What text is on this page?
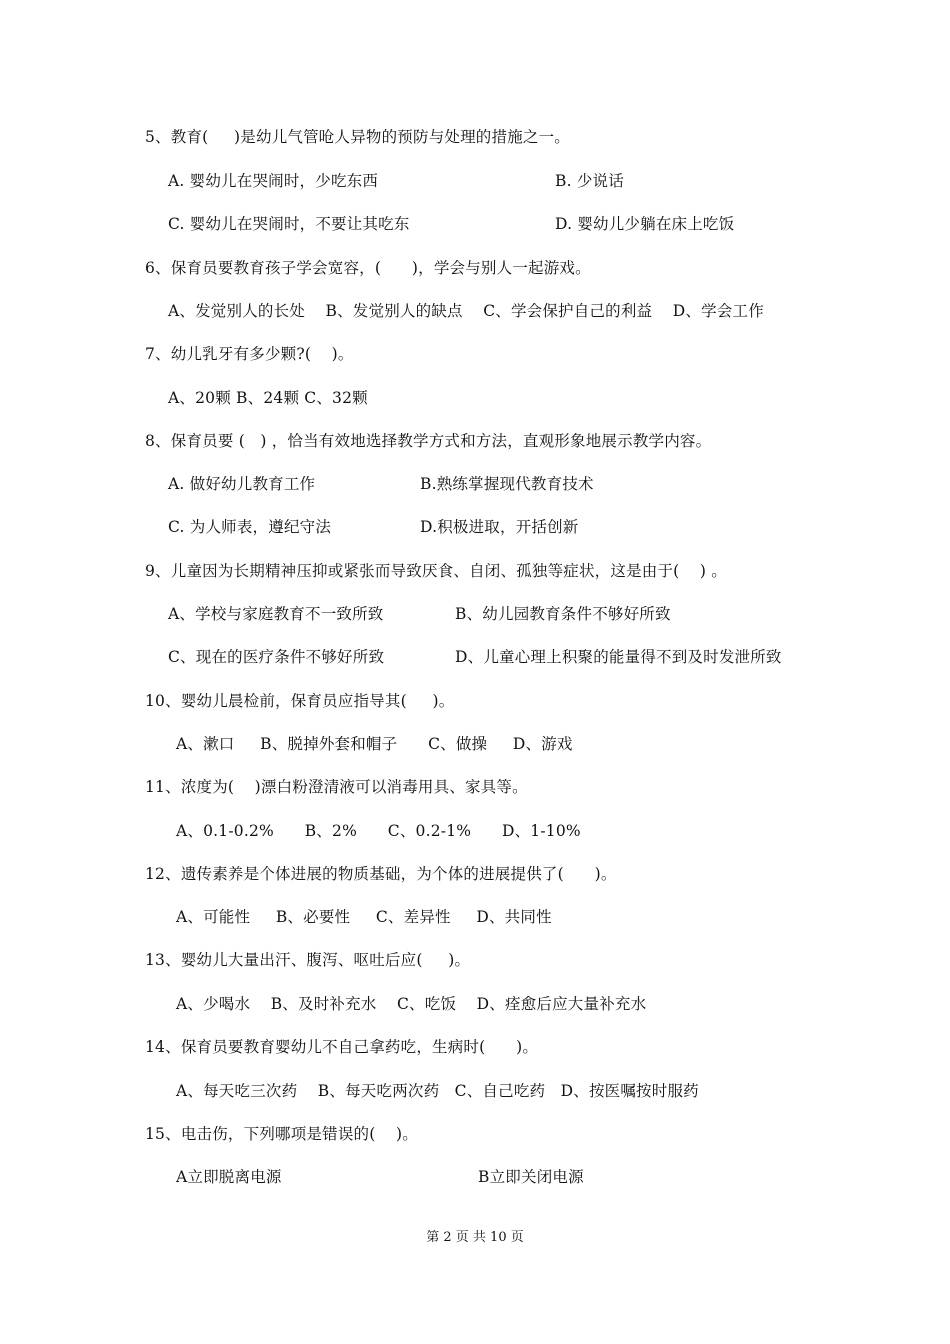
5、教育(     )是幼儿气管呛人异物的预防与处理的措施之一。
A. 婴幼儿在哭闹时，少吃东西	B. 少说话
C. 婴幼儿在哭闹时，不要让其吃东	D. 婴幼儿少躺在床上吃饭
6、保育员要教育孩子学会宽容，(      )，学会与别人一起游戏。
A、发觉别人的长处    B、发觉别人的缺点    C、学会保护自己的利益    D、学会工作
7、幼儿乳牙有多少颗?(    )。
A、20颗 B、24颗 C、32颗
8、保育员要 (   ) ，恰当有效地选择教学方式和方法，直观形象地展示教学内容。
A. 做好幼儿教育工作	B.熟练掌握现代教育技术
C. 为人师表，遵纪守法	D.积极进取，开括创新
9、儿童因为长期精神压抑或紧张而导致厌食、自闭、孤独等症状，这是由于(    ) 。
A、学校与家庭教育不一致所致	B、幼儿园教育条件不够好所致
C、现在的医疗条件不够好所致	D、儿童心理上积聚的能量得不到及时发泄所致
10、婴幼儿晨检前，保育员应指导其(     )。
A、漱口     B、脱掉外套和帽子      C、做操     D、游戏
11、浓度为(    )漂白粉澄清液可以消毒用具、家具等。
A、0.1-0.2%      B、2%      C、0.2-1%      D、1-10%
12、遗传素养是个体进展的物质基础，为个体的进展提供了(      )。
A、可能性     B、必要性     C、差异性     D、共同性
13、婴幼儿大量出汗、腹泻、呕吐后应(     )。
A、少喝水    B、及时补充水    C、吃饭    D、痊愈后应大量补充水
14、保育员要教育婴幼儿不自己拿药吃，生病时(      )。
A、每天吃三次药    B、每天吃两次药   C、自己吃药   D、按医嘱按时服药
15、电击伤，下列哪项是错误的(    )。
A立即脱离电源	B立即关闭电源
第 2 页 共 10 页
